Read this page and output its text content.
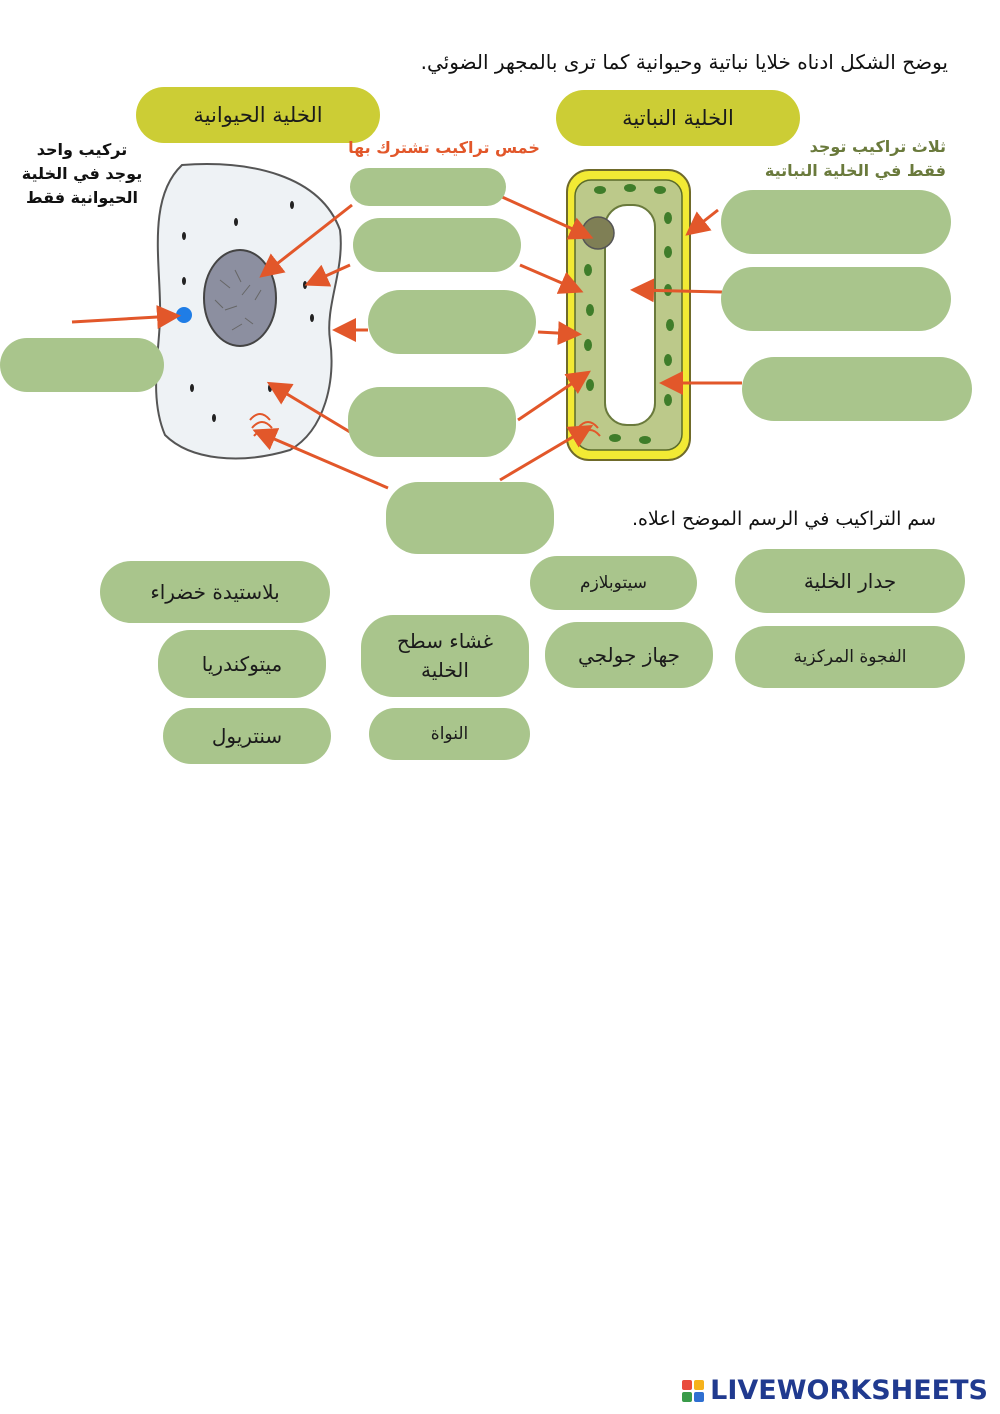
يوضح الشكل ادناه خلايا نباتية وحيوانية كما ترى بالمجهر الضوئي.
سم التراكيب في الرسم الموضح اعلاه.
الخلية الحيوانية	الخلية النباتية
تركيب واحد
يوجد في الخلية
الحيوانية فقط
خمس تراكيب تشترك بها	ثلاث تراكيب توجد
فقط في الخلية النباتية
جدار الخلية
سيتوبلازم
بلاستيدة خضراء
الفجوة المركزية
جهاز جولجي
غشاء سطح الخلية
ميتوكندريا
النواة
سنتريول
LIVEWORKSHEETS
